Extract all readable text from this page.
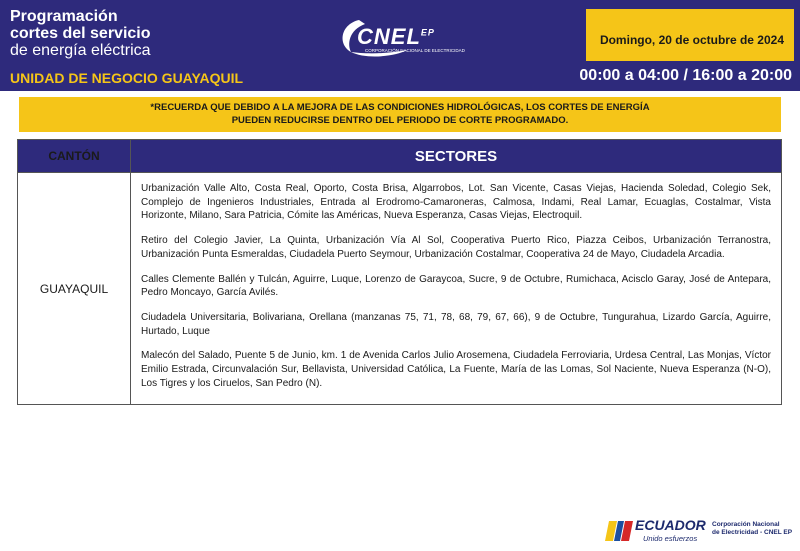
Programación
cortes del servicio
de energía eléctrica
UNIDAD DE NEGOCIO GUAYAQUIL
$CNEL^{EP}$
CORPORACIÓN NACIONAL DE ELECTRICIDAD
Domingo, 20 de octubre de 2024
00:00 a 04:00 / 16:00 a 20:00
*RECUERDA QUE DEBIDO A LA MEJORA DE LAS CONDICIONES HIDROLÓGICAS, LOS CORTES DE ENERGÍA
PUEDEN REDUCIRSE DENTRO DEL PERIODO DE CORTE PROGRAMADO.
CANTÓN	SECTORES
GUAYAQUIL	Urbanización Valle Alto, Costa Real, Oporto, Costa Brisa, Algarrobos, Lot. San Vicente, Casas Viejas, Hacienda Soledad, Colegio Sek, Complejo de Ingenieros Industriales, Entrada al Erodromo-Camaroneras, Calmosa, Indami, Real Lamar, Ecuaglas, Costalmar, Vista Horizonte, Milano, Sara Patricia, Cómite las Américas, Nueva Esperanza, Casas Viejas, Electroquil.

Retiro del Colegio Javier, La Quinta, Urbanización Vía Al Sol, Cooperativa Puerto Rico, Piazza Ceibos, Urbanización Terranostra, Urbanización Punta Esmeraldas, Ciudadela Puerto Seymour, Urbanización Costalmar, Cooperativa 24 de Mayo, Ciudadela Arcadia.

Calles Clemente Ballén y Tulcán, Aguirre, Luque, Lorenzo de Garaycoa, Sucre, 9 de Octubre, Rumichaca, Acisclo Garay, José de Antepara, Pedro Moncayo, García Avilés.

Ciudadela Universitaria, Bolivariana, Orellana (manzanas 75, 71, 78, 68, 79, 67, 66), 9 de Octubre, Tungurahua, Lizardo García, Aguirre, Hurtado, Luque

Malecón del Salado, Puente 5 de Junio, km. 1 de Avenida Carlos Julio Arosemena, Ciudadela Ferroviaria, Urdesa Central, Las Monjas, Víctor Emilio Estrada, Circunvalación Sur, Bellavista, Universidad Católica, La Fuente, María de las Lomas, Sol Naciente, Nueva Esperanza (N-O), Los Tigres y los Ciruelos, San Pedro (N).

ECUADOR
Unido esfuerzos
Corporación Nacional
de Electricidad - CNEL EP
